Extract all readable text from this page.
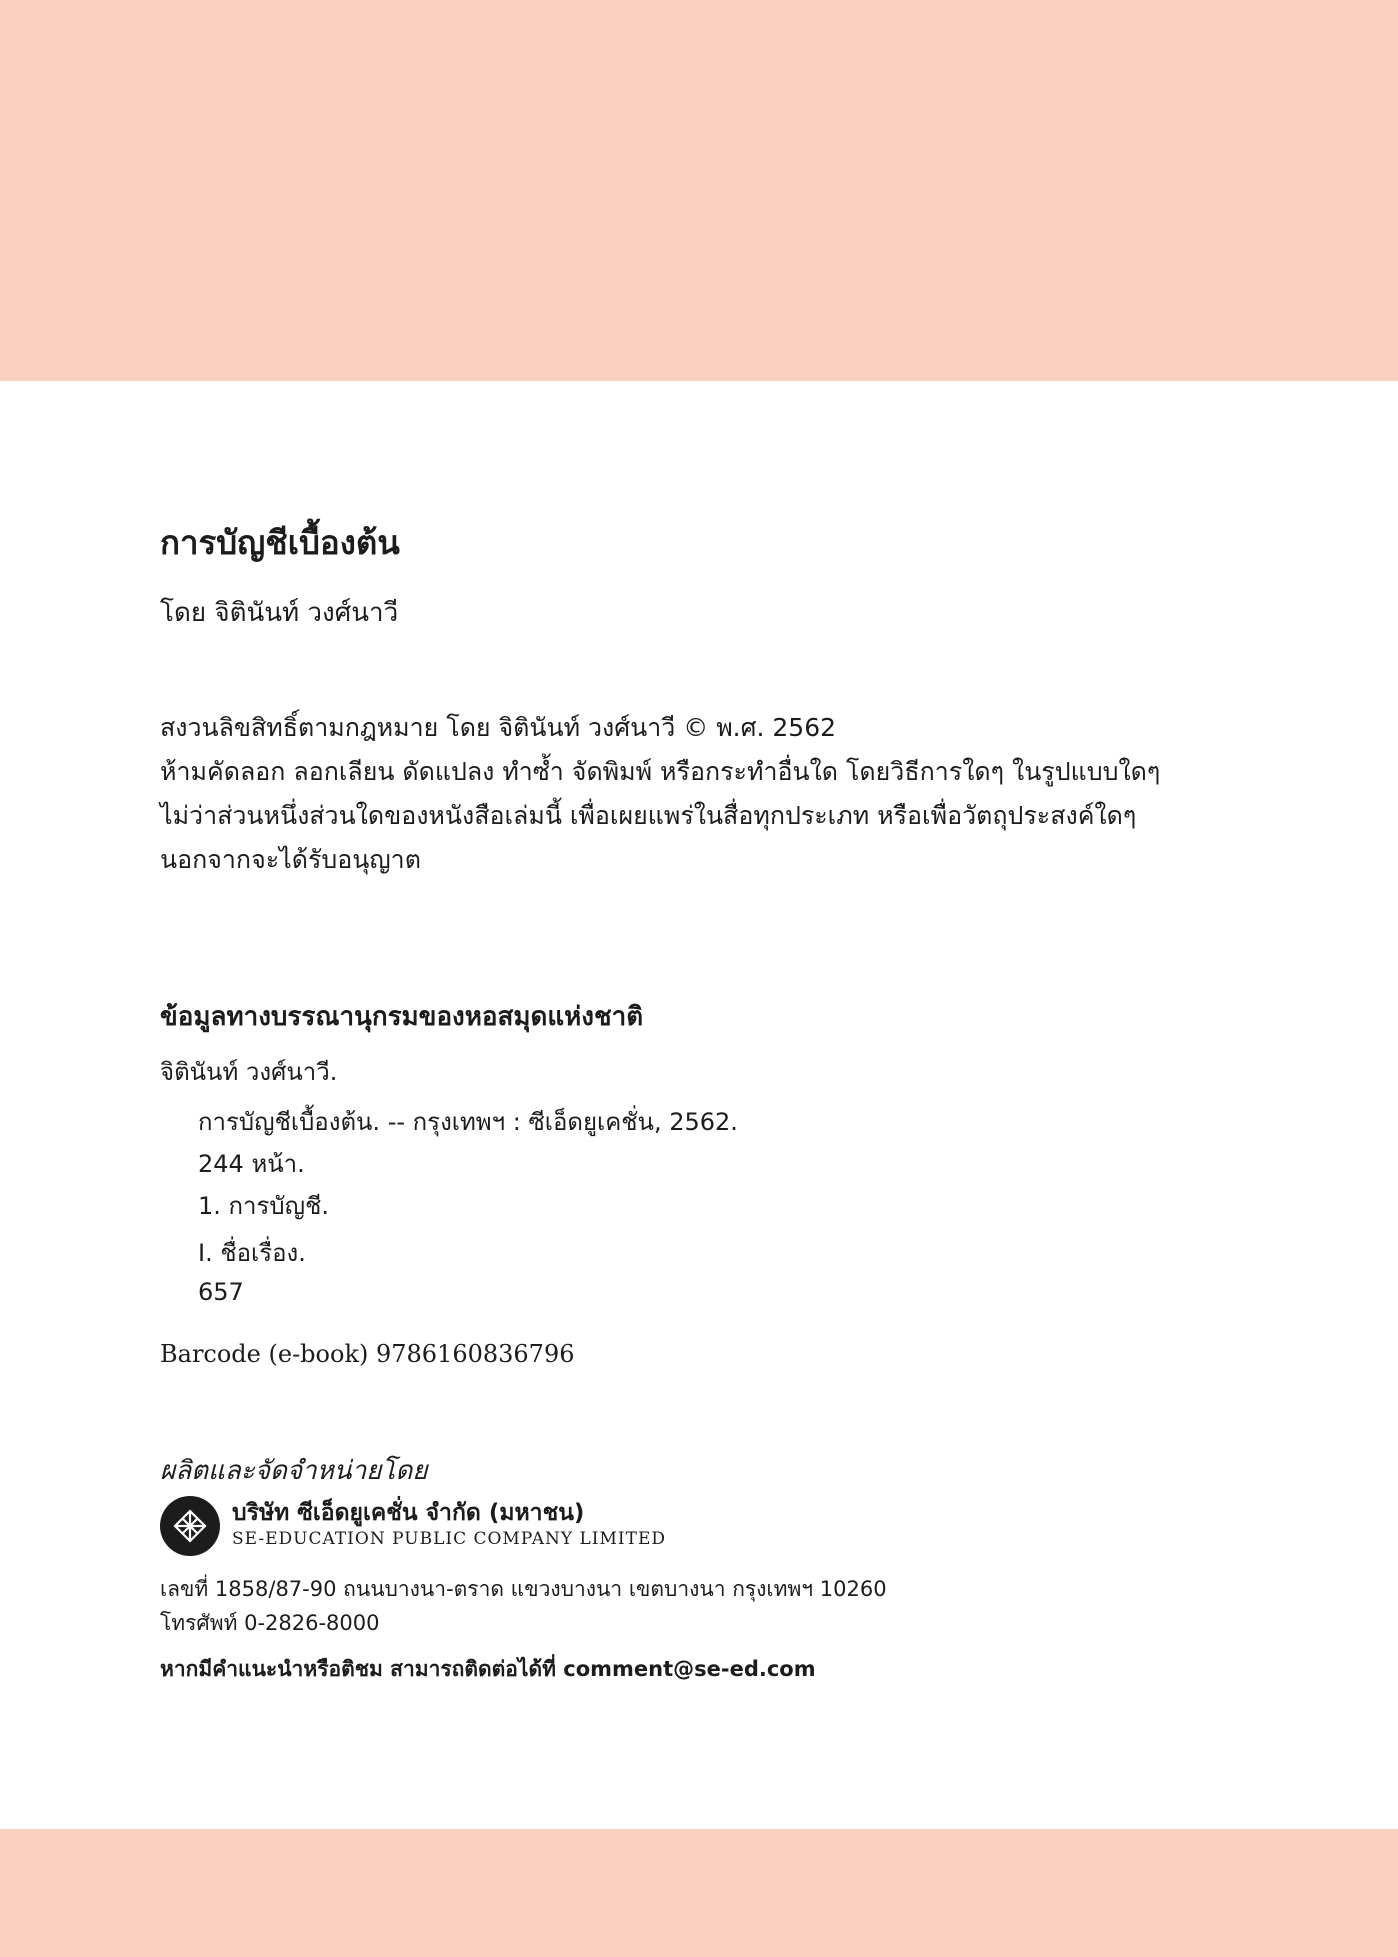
การบัญชีเบื้องต้น
โดย จิตินันท์ วงศ์นาวี
สงวนลิขสิทธิ์ตามกฎหมาย โดย จิตินันท์ วงศ์นาวี © พ.ศ. 2562
ห้ามคัดลอก ลอกเลียน ดัดแปลง ทำซ้ำ จัดพิมพ์ หรือกระทำอื่นใด โดยวิธีการใดๆ ในรูปแบบใดๆ
ไม่ว่าส่วนหนึ่งส่วนใดของหนังสือเล่มนี้ เพื่อเผยแพร่ในสื่อทุกประเภท หรือเพื่อวัตถุประสงค์ใดๆ
นอกจากจะได้รับอนุญาต
ข้อมูลทางบรรณานุกรมของหอสมุดแห่งชาติ
จิตินันท์ วงศ์นาวี.
การบัญชีเบื้องต้น. -- กรุงเทพฯ : ซีเอ็ดยูเคชั่น, 2562.
244 หน้า.
1. การบัญชี.
I. ชื่อเรื่อง.
657
Barcode (e-book) 9786160836796
ผลิตและจัดจำหน่ายโดย
บริษัท ซีเอ็ดยูเคชั่น จำกัด (มหาชน)
SE-EDUCATION PUBLIC COMPANY LIMITED
เลขที่ 1858/87-90 ถนนบางนา-ตราด แขวงบางนา เขตบางนา กรุงเทพฯ 10260
โทรศัพท์ 0-2826-8000
หากมีคำแนะนำหรือติชม สามารถติดต่อได้ที่ comment@se-ed.com
